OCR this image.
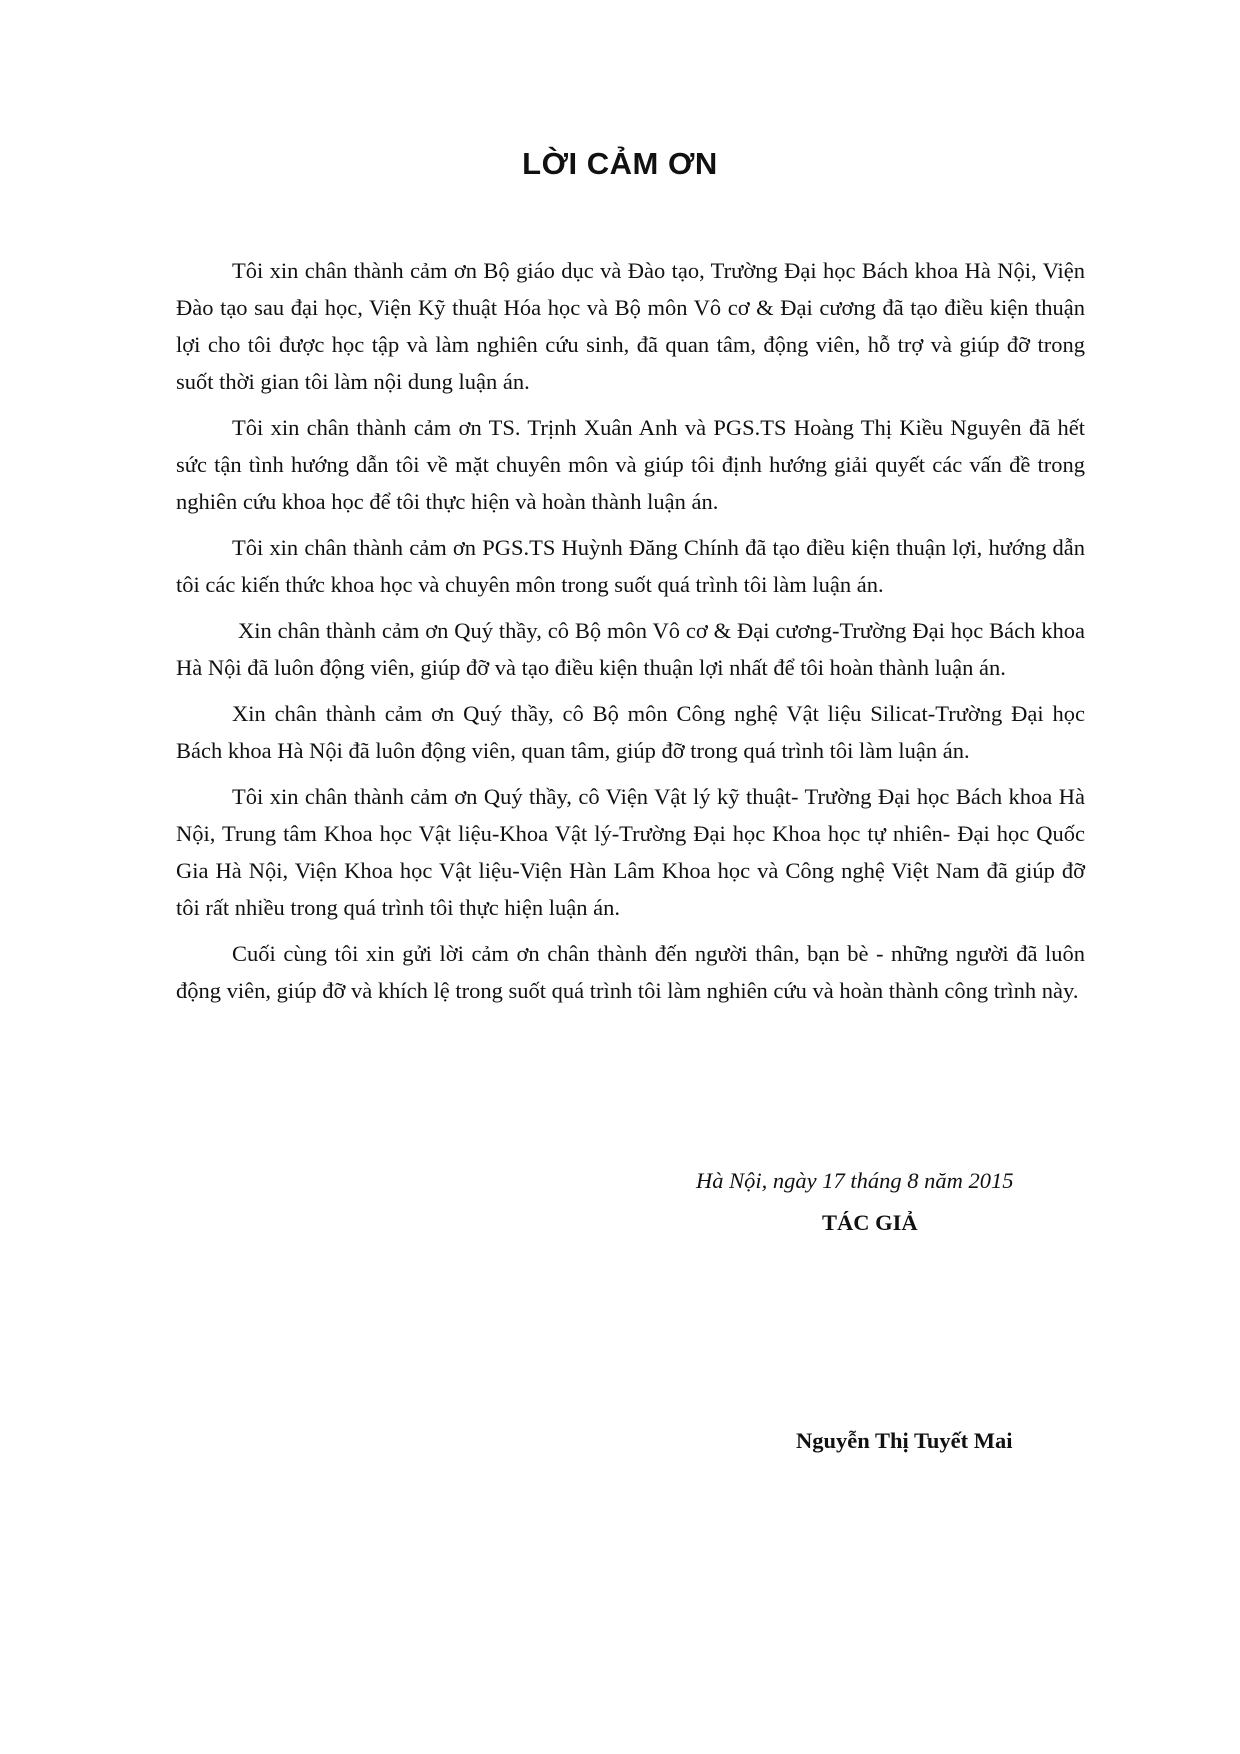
LỜI CẢM ƠN

Tôi xin chân thành cảm ơn Bộ giáo dục và Đào tạo, Trường Đại học Bách khoa Hà Nội, Viện Đào tạo sau đại học, Viện Kỹ thuật Hóa học và Bộ môn Vô cơ & Đại cương đã tạo điều kiện thuận lợi cho tôi được học tập và làm nghiên cứu sinh, đã quan tâm, động viên, hỗ trợ và giúp đỡ trong suốt thời gian tôi làm nội dung luận án.

Tôi xin chân thành cảm ơn TS. Trịnh Xuân Anh và PGS.TS Hoàng Thị Kiều Nguyên đã hết sức tận tình hướng dẫn tôi về mặt chuyên môn và giúp tôi định hướng giải quyết các vấn đề trong nghiên cứu khoa học để tôi thực hiện và hoàn thành luận án.

Tôi xin chân thành cảm ơn PGS.TS Huỳnh Đăng Chính đã tạo điều kiện thuận lợi, hướng dẫn tôi các kiến thức khoa học và chuyên môn trong suốt quá trình tôi làm luận án.

Xin chân thành cảm ơn Quý thầy, cô Bộ môn Vô cơ & Đại cương-Trường Đại học Bách khoa Hà Nội đã luôn động viên, giúp đỡ và tạo điều kiện thuận lợi nhất để tôi hoàn thành luận án.

Xin chân thành cảm ơn Quý thầy, cô Bộ môn Công nghệ Vật liệu Silicat-Trường Đại học Bách khoa Hà Nội đã luôn động viên, quan tâm, giúp đỡ trong quá trình tôi làm luận án.

Tôi xin chân thành cảm ơn Quý thầy, cô Viện Vật lý kỹ thuật- Trường Đại học Bách khoa Hà Nội, Trung tâm Khoa học Vật liệu-Khoa Vật lý-Trường Đại học Khoa học tự nhiên- Đại học Quốc Gia Hà Nội, Viện Khoa học Vật liệu-Viện Hàn Lâm Khoa học và Công nghệ Việt Nam đã giúp đỡ tôi rất nhiều trong quá trình tôi thực hiện luận án.

Cuối cùng tôi xin gửi lời cảm ơn chân thành đến người thân, bạn bè - những người đã luôn động viên, giúp đỡ và khích lệ trong suốt quá trình tôi làm nghiên cứu và hoàn thành công trình này.

Hà Nội, ngày 17 tháng 8 năm 2015

TÁC GIẢ

Nguyễn Thị Tuyết Mai
